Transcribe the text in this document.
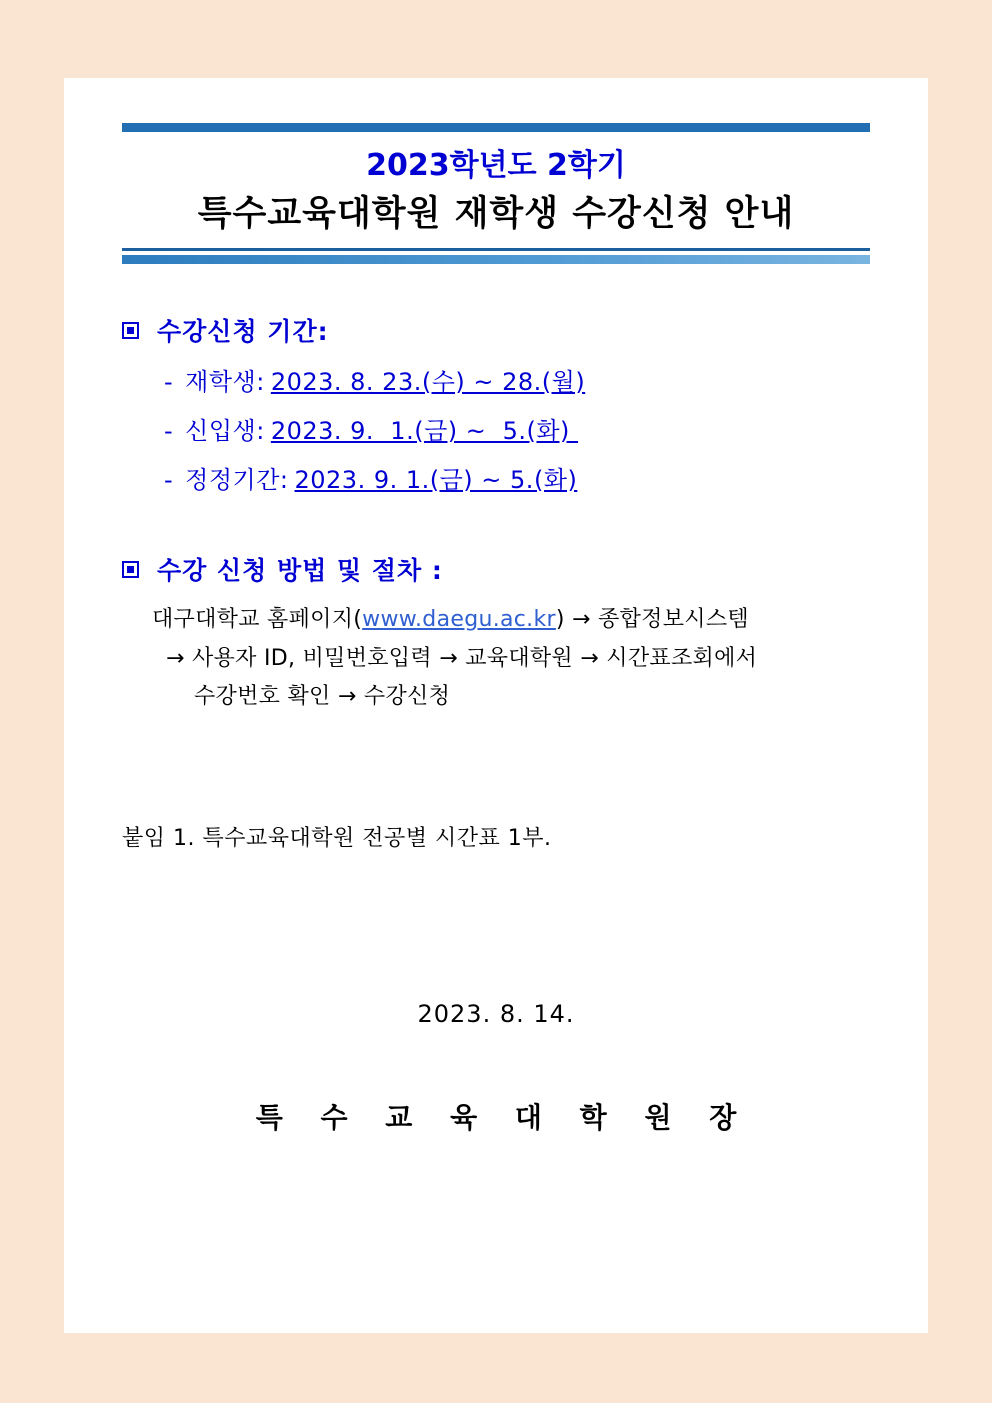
2023학년도 2학기
특수교육대학원 재학생 수강신청 안내
수강신청 기간:
- 재학생: 2023. 8. 23.(수) ~ 28.(월)
- 신입생: 2023. 9.  1.(금) ~  5.(화)
- 정정기간: 2023. 9. 1.(금) ~ 5.(화)
수강 신청 방법 및 절차 :
대구대학교 홈페이지(www.daegu.ac.kr) → 종합정보시스템
→ 사용자 ID, 비밀번호입력 → 교육대학원 → 시간표조회에서
수강번호 확인 → 수강신청
붙임 1. 특수교육대학원 전공별 시간표 1부.
2023. 8. 14.
특 수 교 육 대 학 원 장
